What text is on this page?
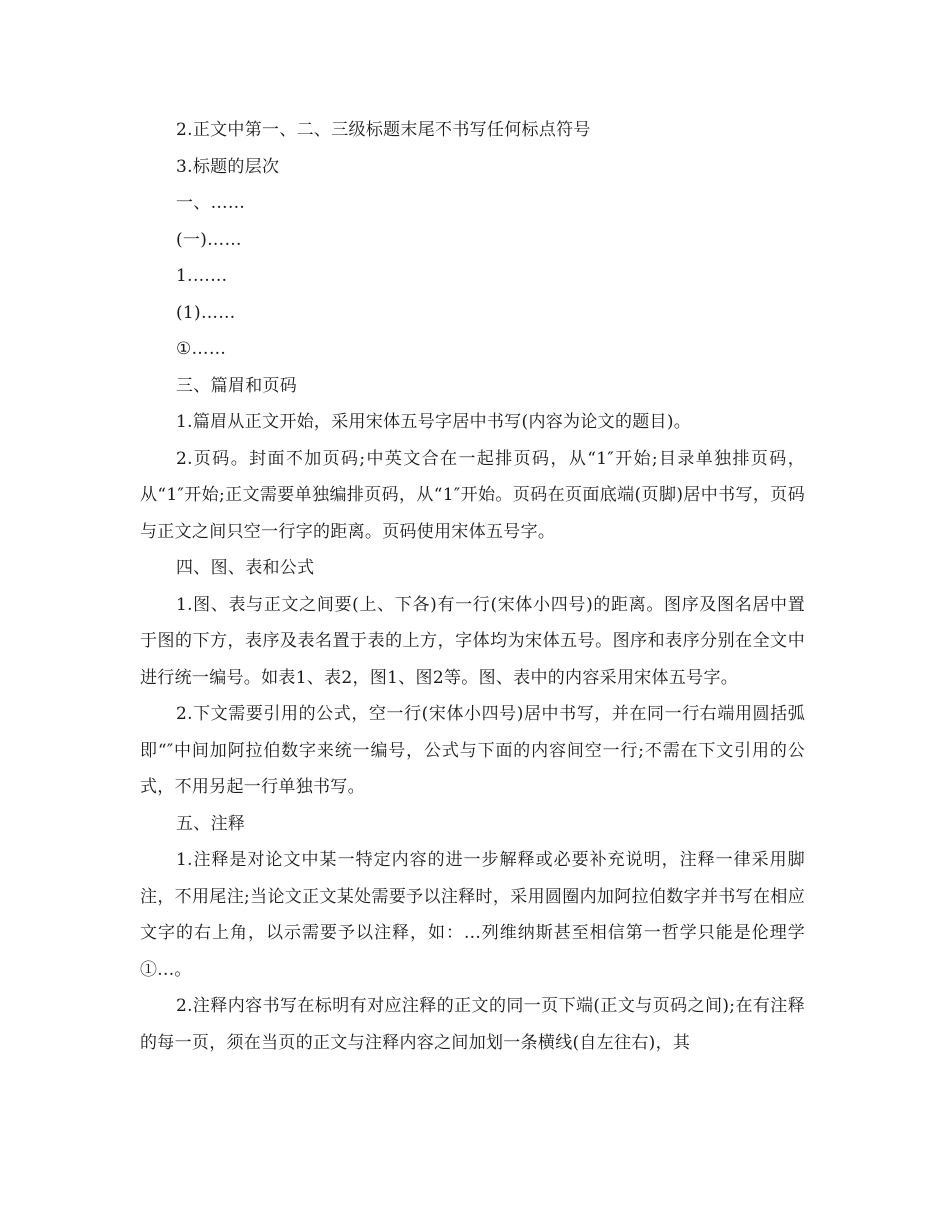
2.正文中第一、二、三级标题末尾不书写任何标点符号

3.标题的层次

一、……

(一)……

1.……

(1)……

①……

三、篇眉和页码

1.篇眉从正文开始，采用宋体五号字居中书写(内容为论文的题目)。

2.页码。封面不加页码;中英文合在一起排页码，从“1″开始;目录单独排页码，从“1″开始;正文需要单独编排页码，从“1″开始。页码在页面底端(页脚)居中书写，页码与正文之间只空一行字的距离。页码使用宋体五号字。

四、图、表和公式

1.图、表与正文之间要(上、下各)有一行(宋体小四号)的距离。图序及图名居中置于图的下方，表序及表名置于表的上方，字体均为宋体五号。图序和表序分别在全文中进行统一编号。如表1、表2，图1、图2等。图、表中的内容采用宋体五号字。

2.下文需要引用的公式，空一行(宋体小四号)居中书写，并在同一行右端用圆括弧即“″中间加阿拉伯数字来统一编号，公式与下面的内容间空一行;不需在下文引用的公式，不用另起一行单独书写。

五、注释

1.注释是对论文中某一特定内容的进一步解释或必要补充说明，注释一律采用脚注，不用尾注;当论文正文某处需要予以注释时，采用圆圈内加阿拉伯数字并书写在相应文字的右上角，以示需要予以注释，如：...列维纳斯甚至相信第一哲学只能是伦理学①...。

2.注释内容书写在标明有对应注释的正文的同一页下端(正文与页码之间);在有注释的每一页，须在当页的正文与注释内容之间加划一条横线(自左往右)，其
